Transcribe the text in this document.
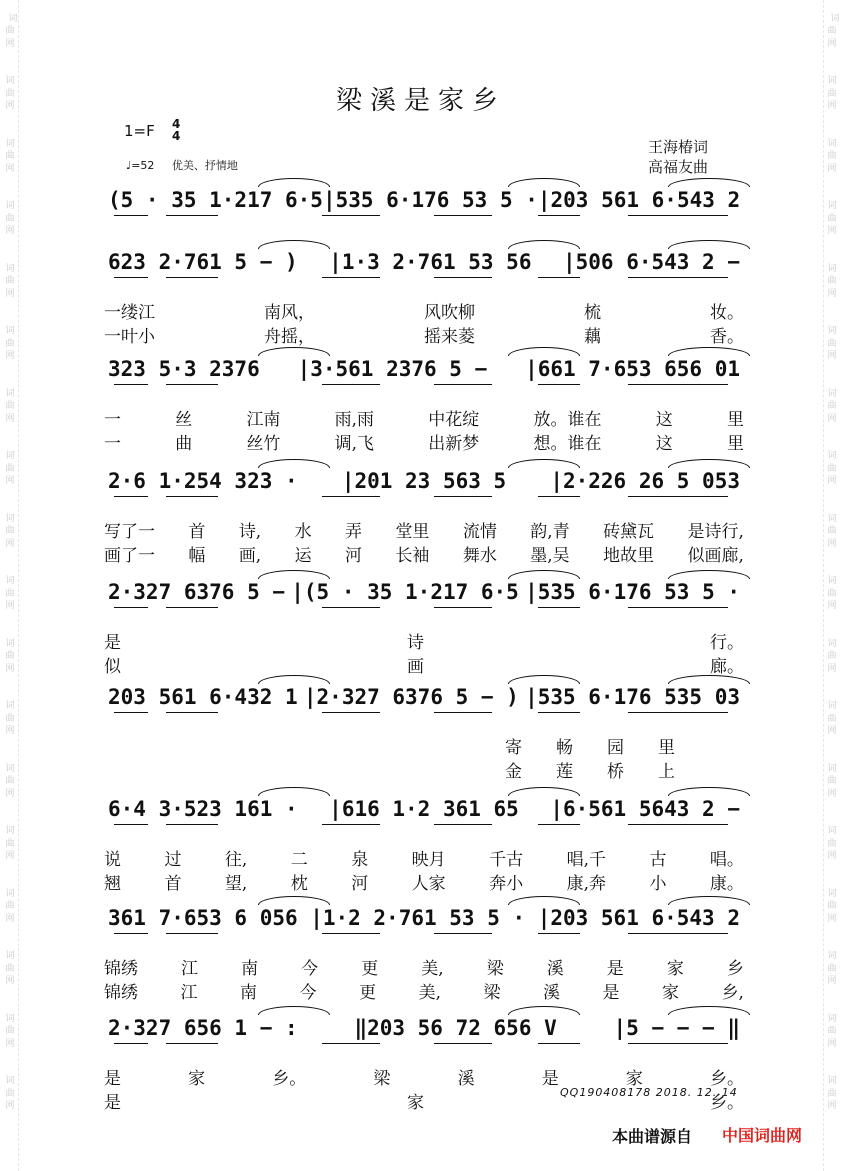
词曲网

词曲网

词曲网

词曲网

词曲网

词曲网

词曲网

词曲网

词曲网

词曲网

词曲网

词曲网

词曲网

词曲网

词曲网

词曲网

词曲网

词曲网

词曲网

词曲网

词曲网

词曲网

词曲网

词曲网

词曲网

词曲网

词曲网

词曲网

词曲网

词曲网

词曲网

词曲网

词曲网

词曲网

词曲网

词曲网

梁溪是家乡
1=F 4
4
♩=52 优美、抒情地
王海椿词
高福友曲
(5 · 35 1·217 6·5 |535 6·176 53 5 · |203 561 6·543 2
623 2·761 5 − ) |1·3 2·761 53 56 |506 6·543 2 −
一缕江	南风，	风吹柳	梳	妆。
一叶小	舟摇，	摇来菱	藕	香。
323 5·3 2376 |3·561 2376 5 − |661 7·653 656 01
一	丝	江南	雨,雨	中花绽	放。谁在	这	里
一	曲	丝竹	调,飞	出新梦	想。谁在	这	里
2·6 1·254 323 · |201 23 563 5 |2·226 26 5 053
写了一 首 诗, 水 弄 堂里 流情 韵,青 砖黛瓦 是诗行,
画了一 幅 画, 运 河 长袖 舞水 墨,吴 地故里 似画廊,
2·327 6376 5 − |(5 · 35 1·217 6·5 |535 6·176 53 5 ·
是	诗	行。
似	画	廊。
203 561 6·432 1 |2·327 6376 5 − ) |535 6·176 535 03
寄 畅 园 里
金 莲 桥 上
6·4 3·523 161 · |616 1·2 361 65 |6·561 5643 2 −
说	过	往,	二	泉	映月	千古	唱,千	古	唱。
翘	首	望,	枕	河	人家	奔小	康,奔	小	康。
361 7·653 6 056 |1·2 2·761 53 5 · |203 561 6·543 2
锦绣	江	南	今	更	美,	梁	溪	是	家	乡
锦绣	江	南	今	更	美,	梁	溪	是	家	乡,
2·327 656 1 − :	‖203 56 72 656 V	|5 − − − ‖
是	家	乡。	梁	溪	是	家	乡。
是	家	乡。
QQ190408178 2018. 12. 14
本曲谱源自 中国词曲网
